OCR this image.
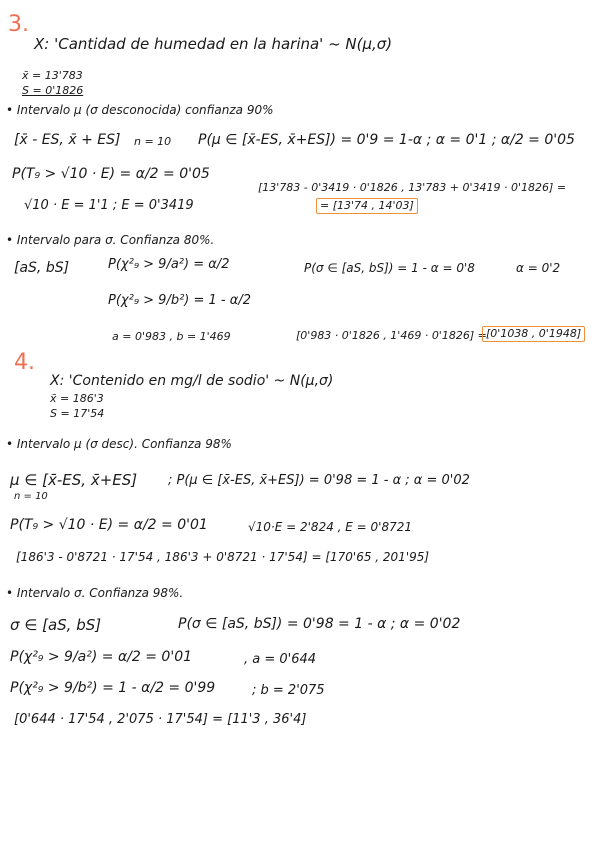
3.
X: 'Cantidad de humedad en la harina' ~ N(μ,σ)
x̄ = 13'783
S = 0'1826
• Intervalo μ (σ desconocida) confianza 90%
[x̄ - ES, x̄ + ES] n = 10 P(μ ∈ [x̄-ES, x̄+ES]) = 0'9 = 1-α ; α = 0'1 ; α/2 = 0'05
P(T₉ > √10 · E) = α/2 = 0'05
√10 · E = 1'1 ; E = 0'3419
[13'783 - 0'3419 · 0'1826 , 13'783 + 0'3419 · 0'1826] =
= [13'74 , 14'03]
• Intervalo para σ. Confianza 80%.
[aS, bS]	P(χ²₉ > 9/a²) = α/2	P(σ ∈ [aS, bS]) = 1 - α = 0'8	α = 0'2
P(χ²₉ > 9/b²) = 1 - α/2
a = 0'983 , b = 1'469	[0'983 · 0'1826 , 1'469 · 0'1826] = [0'1038 , 0'1948]
4.
X: 'Contenido en mg/l de sodio' ~ N(μ,σ)
x̄ = 186'3
S = 17'54
• Intervalo μ (σ desc). Confianza 98%
μ ∈ [x̄-ES, x̄+ES]
n = 10
; P(μ ∈ [x̄-ES, x̄+ES]) = 0'98 = 1 - α ; α = 0'02
P(T₉ > √10 · E) = α/2 = 0'01	√10·E = 2'824 , E = 0'8721
[186'3 - 0'8721 · 17'54 , 186'3 + 0'8721 · 17'54] = [170'65 , 201'95]
• Intervalo σ. Confianza 98%.
σ ∈ [aS, bS]	P(σ ∈ [aS, bS]) = 0'98 = 1 - α ; α = 0'02
P(χ²₉ > 9/a²) = α/2 = 0'01	, a = 0'644
P(χ²₉ > 9/b²) = 1 - α/2 = 0'99	; b = 2'075
[0'644 · 17'54 , 2'075 · 17'54] = [11'3 , 36'4]
